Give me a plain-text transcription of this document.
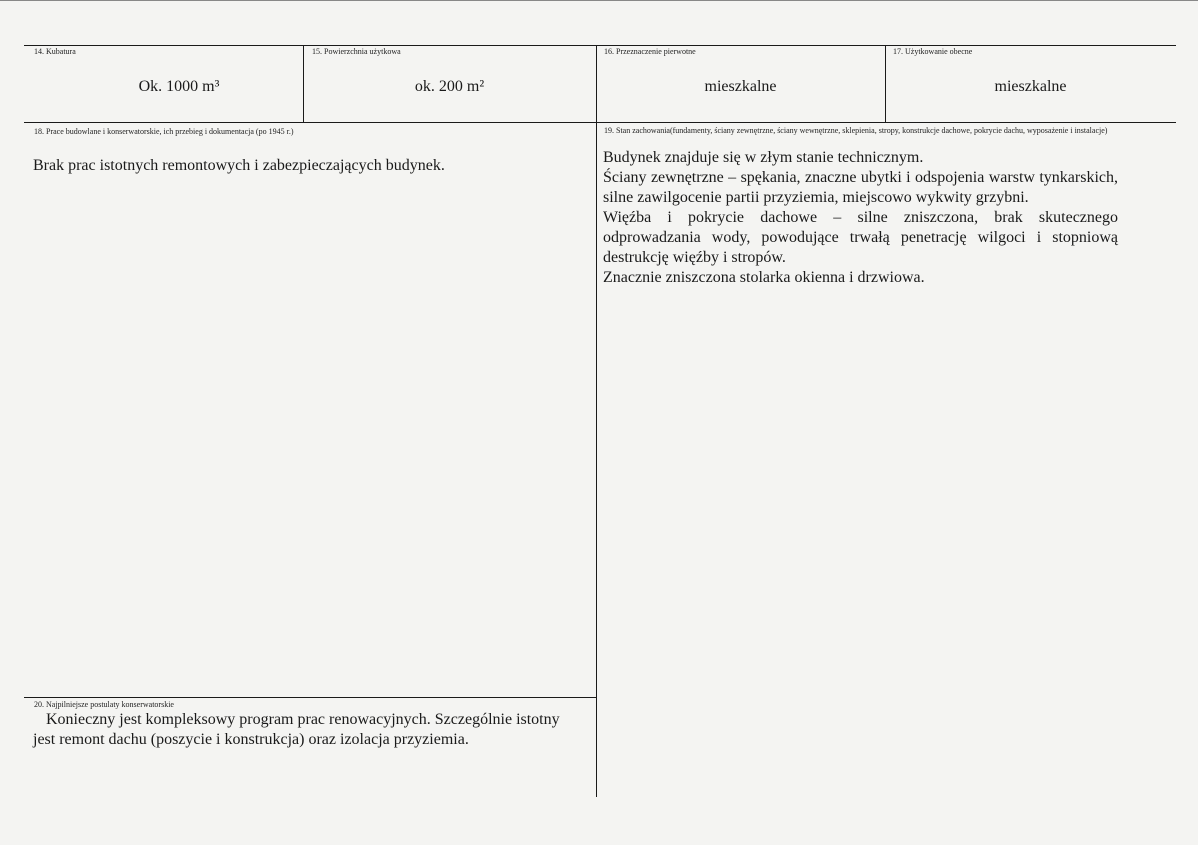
14. Kubatura
Ok. 1000 m³
15. Powierzchnia użytkowa
ok. 200 m²
16. Przeznaczenie pierwotne
mieszkalne
17. Użytkowanie obecne
mieszkalne
18. Prace budowlane i konserwatorskie, ich przebieg i dokumentacja (po 1945 r.)
Brak prac istotnych remontowych i zabezpieczających budynek.
19. Stan zachowania(fundamenty, ściany zewnętrzne, ściany wewnętrzne, sklepienia, stropy, konstrukcje dachowe, pokrycie dachu, wyposażenie i instalacje)

Budynek znajduje się w złym stanie technicznym.

Ściany zewnętrzne – spękania, znaczne ubytki i odspojenia warstw tynkarskich, silne zawilgocenie partii przyziemia, miejscowo wykwity grzybni.

Więźba i pokrycie dachowe – silne zniszczona, brak skutecznego odprowadzania wody, powodujące trwałą penetrację wilgoci i stopniową destrukcję więźby i stropów.

Znacznie zniszczona stolarka okienna i drzwiowa.

20. Najpilniejsze postulaty konserwatorskie
Konieczny jest kompleksowy program prac renowacyjnych. Szczególnie istotny jest remont dachu (poszycie i konstrukcja) oraz izolacja przyziemia.
